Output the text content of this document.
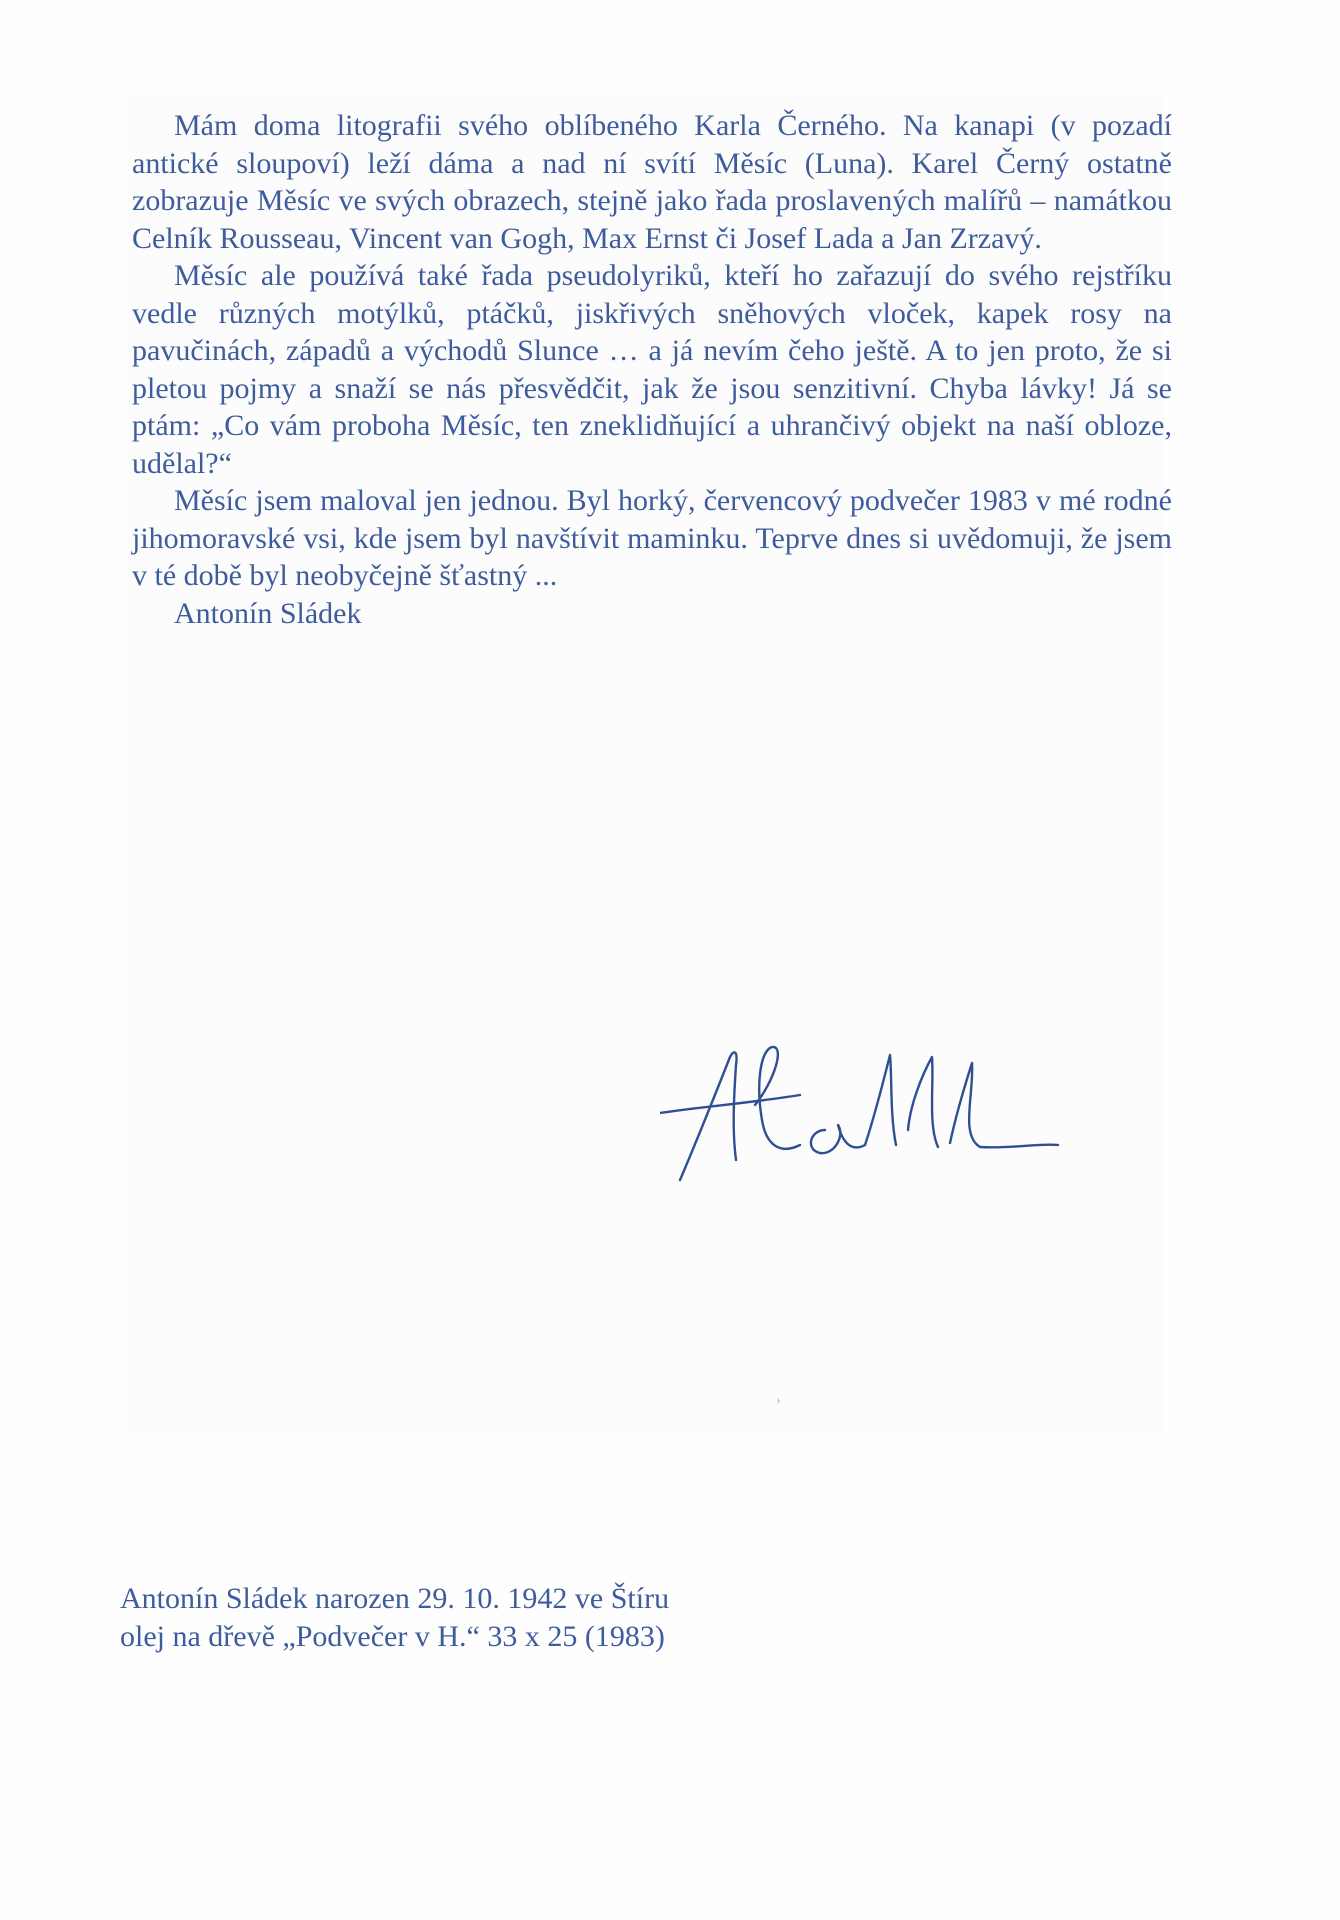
Mám doma litografii svého oblíbeného Karla Černého. Na kanapi (v pozadí antické sloupoví) leží dáma a nad ní svítí Měsíc (Luna). Karel Černý ostatně zobrazuje Měsíc ve svých obrazech, stejně jako řada proslavených malířů – namátkou Celník Rousseau, Vincent van Gogh, Max Ernst či Josef Lada a Jan Zrzavý.

Měsíc ale používá také řada pseudolyriků, kteří ho zařazují do svého rejstříku vedle různých motýlků, ptáčků, jiskřivých sněhových vloček, kapek rosy na pavučinách, západů a východů Slunce … a já nevím čeho ještě. A to jen proto, že si pletou pojmy a snaží se nás přesvědčit, jak že jsou senzitivní. Chyba lávky! Já se ptám: „Co vám proboha Měsíc, ten zneklidňující a uhrančivý objekt na naší obloze, udělal?“

Měsíc jsem maloval jen jednou. Byl horký, červencový podvečer 1983 v mé rodné jihomoravské vsi, kde jsem byl navštívit maminku. Teprve dnes si uvědomuji, že jsem v té době byl neobyčejně šťastný ...

Antonín Sládek

›
Antonín Sládek narozen 29. 10. 1942 ve Štíru
olej na dřevě „Podvečer v H.“ 33 x 25 (1983)
